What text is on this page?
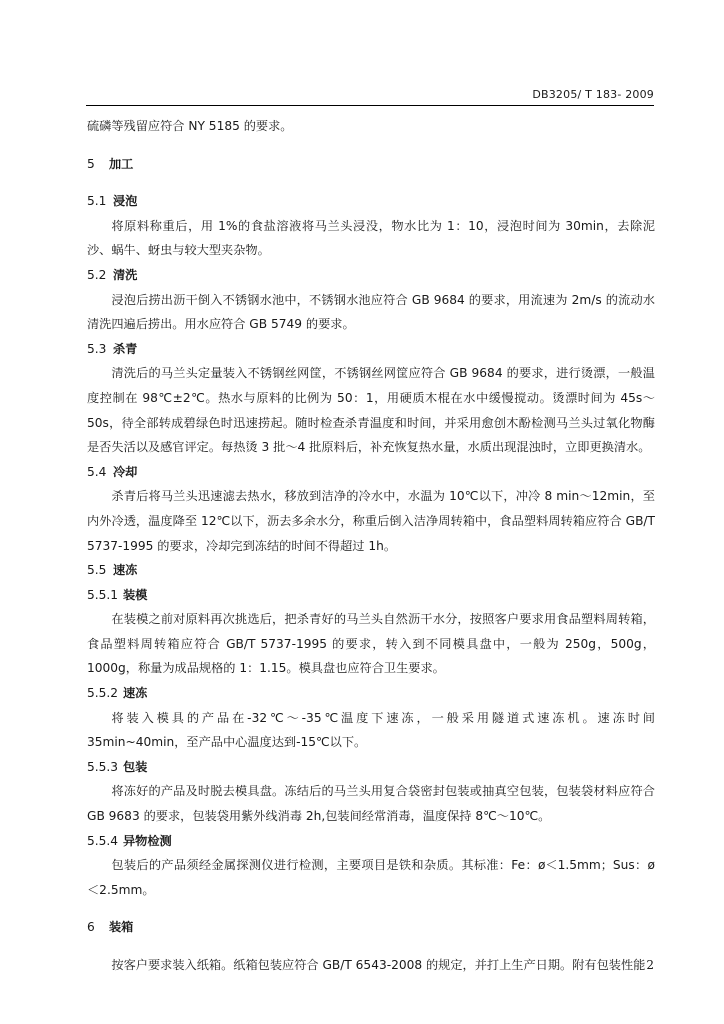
DB3205/ T 183- 2009

硫磷等残留应符合 NY 5185 的要求。

5 加工
5.1 浸泡

将原料称重后，用 1%的食盐溶液将马兰头浸没，物水比为 1：10，浸泡时间为 30min，去除泥沙、蜗牛、蚜虫与较大型夹杂物。

5.2 清洗

浸泡后捞出沥干倒入不锈钢水池中，不锈钢水池应符合 GB 9684 的要求，用流速为 2m/s 的流动水清洗四遍后捞出。用水应符合 GB 5749 的要求。

5.3 杀青

清洗后的马兰头定量装入不锈钢丝网筐，不锈钢丝网筐应符合 GB 9684 的要求，进行烫漂，一般温度控制在 98℃±2℃。热水与原料的比例为 50：1，用硬质木棍在水中缓慢搅动。烫漂时间为 45s～50s，待全部转成碧绿色时迅速捞起。随时检查杀青温度和时间，并采用愈创木酚检测马兰头过氧化物酶是否失活以及感官评定。每热烫 3 批～4 批原料后，补充恢复热水量，水质出现混浊时，立即更换清水。

5.4 冷却

杀青后将马兰头迅速滤去热水，移放到洁净的冷水中，水温为 10℃以下，冲冷 8 min～12min，至内外冷透，温度降至 12℃以下，沥去多余水分，称重后倒入洁净周转箱中，食品塑料周转箱应符合 GB/T 5737-1995 的要求，冷却完到冻结的时间不得超过 1h。

5.5 速冻
5.5.1 装模

在装模之前对原料再次挑选后，把杀青好的马兰头自然沥干水分，按照客户要求用食品塑料周转箱，食品塑料周转箱应符合 GB/T 5737-1995 的要求，转入到不同模具盘中，一般为 250g，500g，1000g，称量为成品规格的 1：1.15。模具盘也应符合卫生要求。

5.5.2 速冻

将装入模具的产品在-32℃～-35℃温度下速冻，一般采用隧道式速冻机。速冻时间 35min~40min，至产品中心温度达到-15℃以下。

5.5.3 包装

将冻好的产品及时脱去模具盘。冻结后的马兰头用复合袋密封包装或抽真空包装，包装袋材料应符合 GB 9683 的要求，包装袋用紫外线消毒 2h,包装间经常消毒，温度保持 8℃～10℃。

5.5.4 异物检测

包装后的产品须经金属探测仪进行检测，主要项目是铁和杂质。其标准：Fe：ø＜1.5mm；Sus：ø＜2.5mm。

6 装箱

按客户要求装入纸箱。纸箱包装应符合 GB/T 6543-2008 的规定，并打上生产日期。附有包装性能 2
